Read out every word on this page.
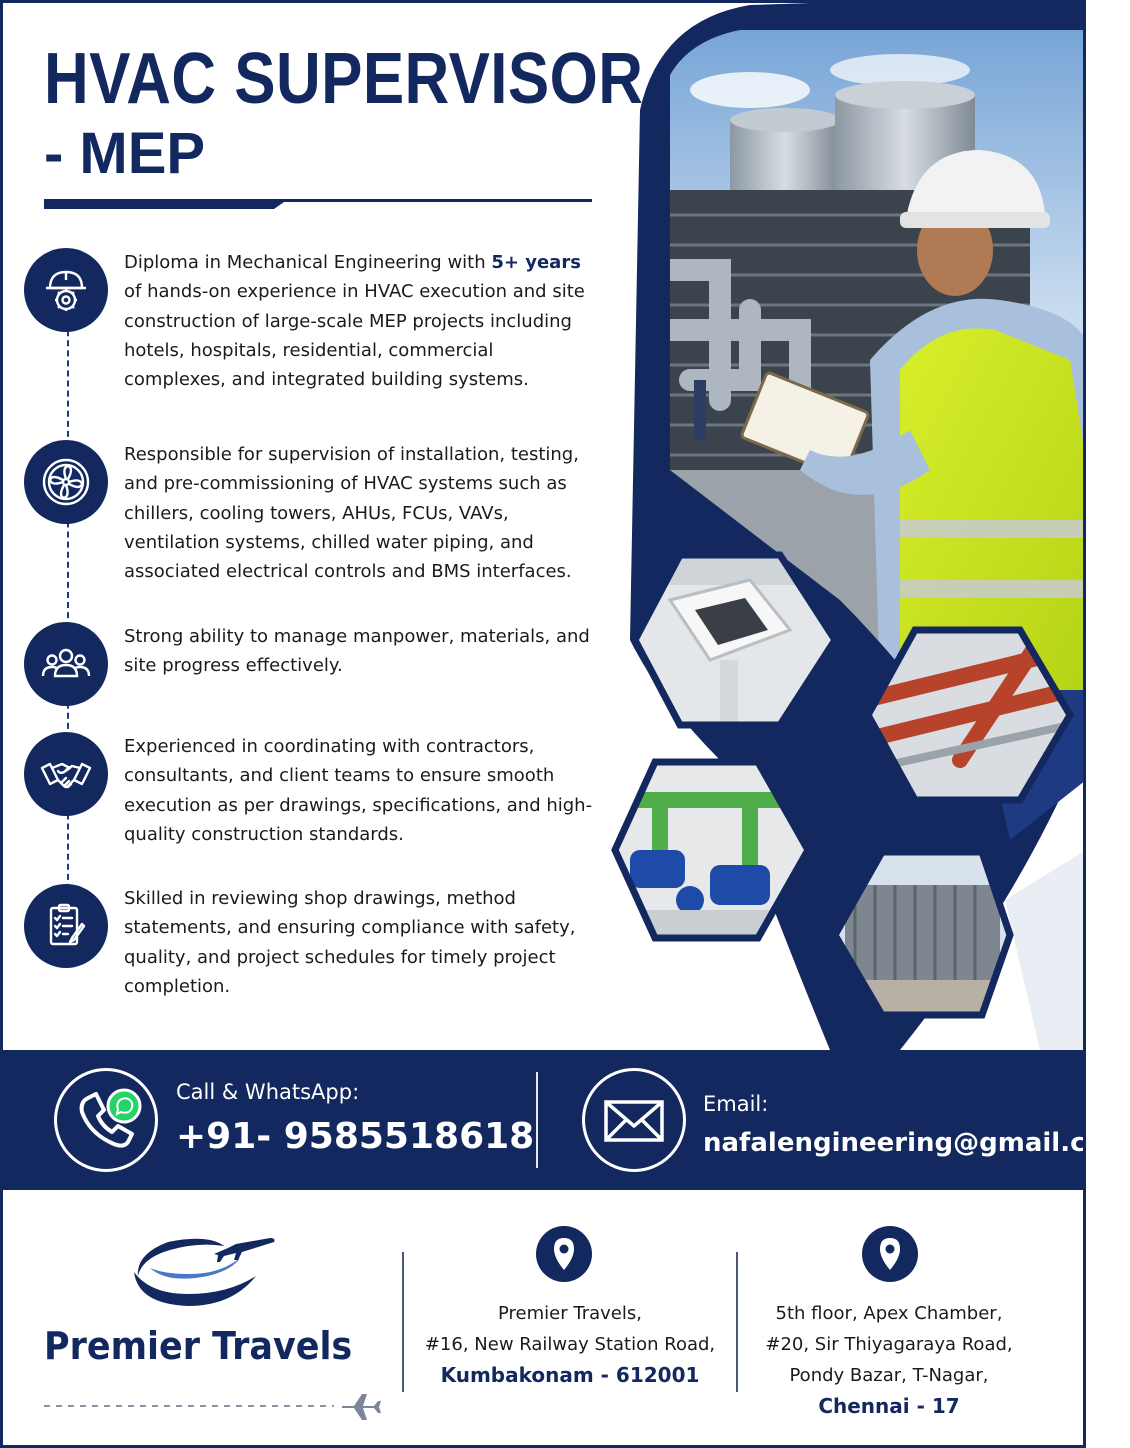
HVAC SUPERVISOR
- MEP
Diploma in Mechanical Engineering with 5+ years of hands-on experience in HVAC execution and site construction of large-scale MEP projects including hotels, hospitals, residential, commercial complexes, and integrated building systems.
Responsible for supervision of installation, testing, and pre-commissioning of HVAC systems such as chillers, cooling towers, AHUs, FCUs, VAVs, ventilation systems, chilled water piping, and associated electrical controls and BMS interfaces.
Strong ability to manage manpower, materials, and site progress effectively.
Experienced in coordinating with contractors, consultants, and client teams to ensure smooth execution as per drawings, specifications, and high-quality construction standards.
Skilled in reviewing shop drawings, method statements, and ensuring compliance with safety, quality, and project schedules for timely project completion.
Call & WhatsApp:
+91- 9585518618
Email:
nafalengineering@gmail.com
Premier Travels
Premier Travels,
#16, New Railway Station Road,
Kumbakonam - 612001
5th floor, Apex Chamber,
#20, Sir Thiyagaraya Road,
Pondy Bazar, T-Nagar,
Chennai - 17
